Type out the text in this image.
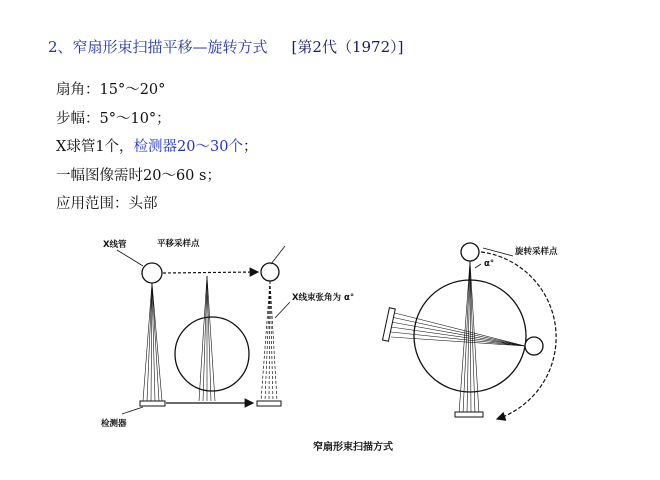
2、窄扇形束扫描平移—旋转方式 [第2代（1972）]
扇角：15°～20°
步幅：5°～10°；
X球管1个，检测器20～30个；
一幅图像需时20～60 s；
应用范围：头部
X线管	平移采样点
X线束张角为 α°
检测器
α°
旋转采样点
窄扇形束扫描方式
